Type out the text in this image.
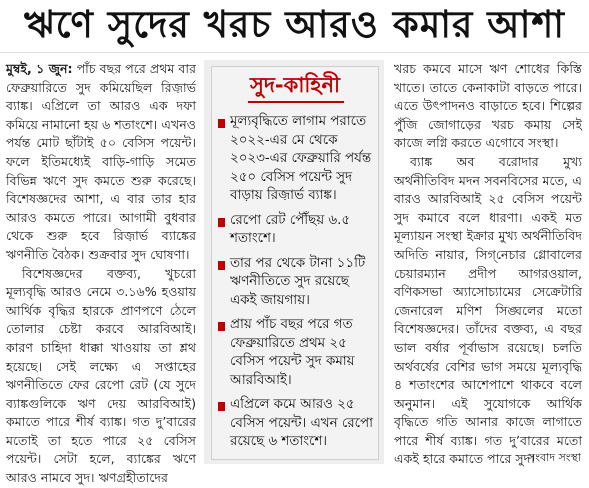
ঋণে সুদের খরচ আরও কমার আশা

মুম্বই, ১ জুন: পাঁচ বছর পরে প্রথম বার ফেব্রুয়ারিতে সুদ কমিয়েছিল রিজ়ার্ভ ব্যাঙ্ক। এপ্রিলে তা আরও এক দফা কমিয়ে নামানো হয় ৬ শতাংশে। এখনও পর্যন্ত মোট ছাঁটাই ৫০ বেসিস পয়েন্ট। ফলে ইতিমধ্যেই বাড়ি-গাড়ি সমেত বিভিন্ন ঋণে সুদ কমতে শুরু করেছে। বিশেষজ্ঞদের আশা, এ বার তার হার আরও কমতে পারে। আগামী বুধবার থেকে শুরু হবে রিজ়ার্ভ ব্যাঙ্কের ঋণনীতি বৈঠক। শুক্রবার সুদ ঘোষণা।

বিশেষজ্ঞদের বক্তব্য, খুচরো মূল্যবৃদ্ধি আরও নেমে ৩.১৬% হওয়ায় আর্থিক বৃদ্ধির হারকে প্রাণপণে ঠেলে তোলার চেষ্টা করবে আরবিআই। কারণ চাহিদা ধাক্কা খাওয়ায় তা শ্লথ হয়েছে। সেই লক্ষ্যে এ সপ্তাহের ঋণনীতিতে ফের রেপো রেট (যে সুদে ব্যাঙ্কগুলিকে ঋণ দেয় আরবিআই) কমাতে পারে শীর্ষ ব্যাঙ্ক। গত দু’বারের মতোই তা হতে পারে ২৫ বেসিস পয়েন্ট। সেটা হলে, ব্যাঙ্কের ঋণে আরও নামবে সুদ। ঋণগ্রহীতাদের

সুদ-কাহিনী
মূল্যবৃদ্ধিতে লাগাম পরাতে ২০২২-এর মে থেকে ২০২৩-এর ফেব্রুয়ারি পর্যন্ত ২৫০ বেসিস পয়েন্ট সুদ বাড়ায় রিজ়ার্ভ ব্যাঙ্ক।
রেপো রেট পৌঁছয় ৬.৫ শতাংশে।
তার পর থেকে টানা ১১টি ঋণনীতিতে সুদ রয়েছে একই জায়গায়।
প্রায় পাঁচ বছর পরে গত ফেব্রুয়ারিতে প্রথম ২৫ বেসিস পয়েন্ট সুদ কমায় আরবিআই।
এপ্রিলে কমে আরও ২৫ বেসিস পয়েন্ট। এখন রেপো রয়েছে ৬ শতাংশে।

খরচ কমবে মাসে ঋণ শোধের কিস্তি খাতে। তাতে কেনাকাটা বাড়তে পারে। এতে উৎপাদনও বাড়াতে হবে। শিল্পের পুঁজি জোগাড়ের খরচ কমায় সেই কাজে লগ্নি করতে এগোবে সংস্থা।

ব্যাঙ্ক অব বরোদার মুখ্য অর্থনীতিবিদ মদন সবনবিসের মতে, এ বারও আরবিআই ২৫ বেসিস পয়েন্ট সুদ কমাবে বলে ধারণা। একই মত মূল্যায়ন সংস্থা ইক্রার মুখ্য অর্থনীতিবিদ অদিতি নায়ার, সিগ্‌নেচার গ্লোবালের চেয়ারম্যান প্রদীপ আগরওয়াল, বণিকসভা অ্যাসোচ্যামের সেক্রেটারি জেনারেল মণিশ সিঙ্ঘলের মতো বিশেষজ্ঞদের। তাঁদের বক্তব্য, এ বছর ভাল বর্ষার পূর্বাভাস রয়েছে। চলতি অর্থবর্ষের বেশির ভাগ সময়ে মূল্যবৃদ্ধি ৪ শতাংশের আশেপাশে থাকবে বলে অনুমান। এই সুযোগকে আর্থিক বৃদ্ধিতে গতি আনার কাজে লাগাতে পারে শীর্ষ ব্যাঙ্ক। গত দু’বারের মতো একই হারে কমাতে পারে সুদ।

সংবাদ সংস্থা
